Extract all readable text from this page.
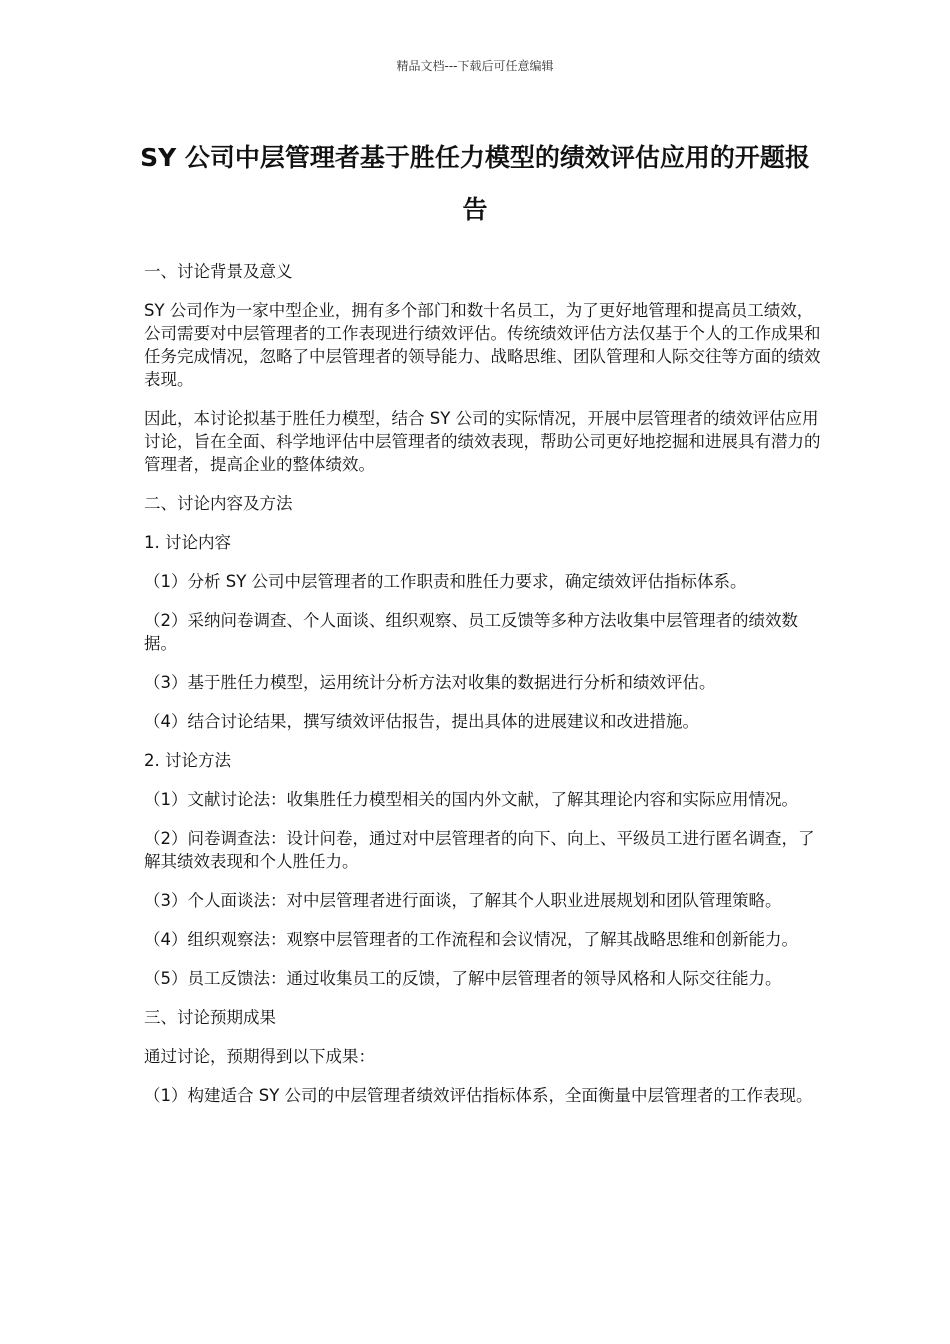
精品文档---下载后可任意编辑
SY 公司中层管理者基于胜任力模型的绩效评估应用的开题报告

一、讨论背景及意义

SY 公司作为一家中型企业，拥有多个部门和数十名员工，为了更好地管理和提高员工绩效，公司需要对中层管理者的工作表现进行绩效评估。传统绩效评估方法仅基于个人的工作成果和任务完成情况，忽略了中层管理者的领导能力、战略思维、团队管理和人际交往等方面的绩效表现。

因此，本讨论拟基于胜任力模型，结合 SY 公司的实际情况，开展中层管理者的绩效评估应用讨论，旨在全面、科学地评估中层管理者的绩效表现，帮助公司更好地挖掘和进展具有潜力的管理者，提高企业的整体绩效。

二、讨论内容及方法

1. 讨论内容

（1）分析 SY 公司中层管理者的工作职责和胜任力要求，确定绩效评估指标体系。

（2）采纳问卷调查、个人面谈、组织观察、员工反馈等多种方法收集中层管理者的绩效数据。

（3）基于胜任力模型，运用统计分析方法对收集的数据进行分析和绩效评估。

（4）结合讨论结果，撰写绩效评估报告，提出具体的进展建议和改进措施。

2. 讨论方法

（1）文献讨论法：收集胜任力模型相关的国内外文献，了解其理论内容和实际应用情况。

（2）问卷调查法：设计问卷，通过对中层管理者的向下、向上、平级员工进行匿名调查，了解其绩效表现和个人胜任力。

（3）个人面谈法：对中层管理者进行面谈，了解其个人职业进展规划和团队管理策略。

（4）组织观察法：观察中层管理者的工作流程和会议情况，了解其战略思维和创新能力。

（5）员工反馈法：通过收集员工的反馈，了解中层管理者的领导风格和人际交往能力。

三、讨论预期成果

通过讨论，预期得到以下成果：

（1）构建适合 SY 公司的中层管理者绩效评估指标体系，全面衡量中层管理者的工作表现。
